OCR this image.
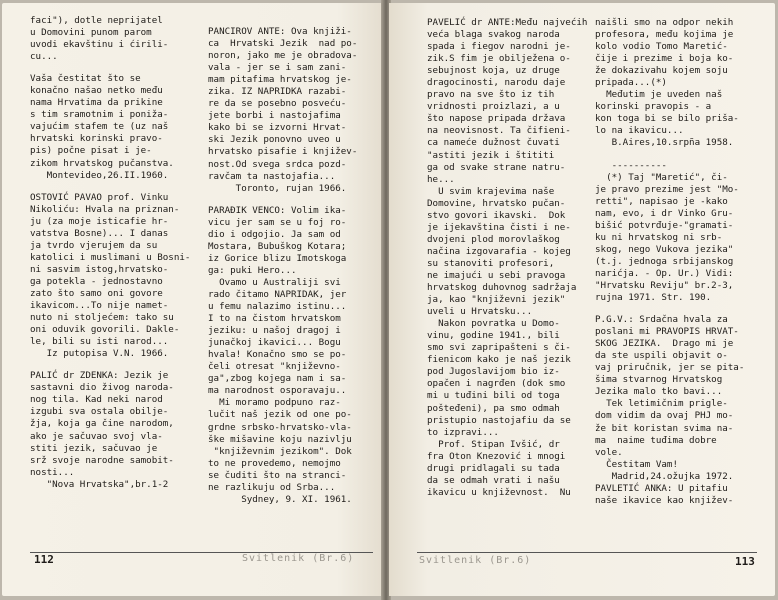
faci"), dotle neprijatel
u Domovini punom parom
uvodi ekavštinu i ćirili-
cu...
Vaša čestitat što se
konačno našao netko među
nama Hrvatima da prikine
s tim sramotnim i poniža-
vajućim stafem te (uz naš
hrvatski korinski pravo-
pis) počne pisat i je-
zikom hrvatskog pučanstva.
Montevideo,26.II.1960.
OSTOVIĆ PAVAO prof. Vinku
Nikoliću: Hvala na priznan-
ju (za moje isticafie hr-
vatstva Bosne)... I danas
ja tvrdo vjerujem da su
katolici i muslimani u Bosni-
ni sasvim istog,hrvatsko-
ga potekla - jednostavno
zato što samo oni govore
ikavicom...To nije namet-
nuto ni stoljećem: tako su
oni oduvik govorili. Dakle-
le, bili su isti narod...
Iz putopisa V.N. 1966.
PALIĆ dr ZDENKA: Jezik je
sastavni dio živog naroda-
nog tila. Kad neki narod
izgubi sva ostala obilje-
žja, koja ga čine narodom,
ako je sačuvao svoj vla-
stiti jezik, sačuvao je
srž svoje narodne samobit-
nosti...
"Nova Hrvatska",br.1-2
PANCIROV ANTE: Ova knjiži-
ca  Hrvatski Jezik  nad po-
noron, jako me je obradova-
vala - jer se i sam zani-
mam pitafima hrvatskog je-
zika. IZ NAPRIDKA razabi-
re da se posebno posveću-
jete borbi i nastojafima
kako bi se izvorni Hrvat-
ski Jezik ponovno uveo u
hrvatsko pisafie i književ-
nost.Od svega srdca pozd-
ravčam ta nastojafia...
Toronto, rujan 1966.
PARAĐIK VENCO: Volim ika-
vicu jer sam se u foj ro-
dio i odgojio. Ja sam od
Mostara, Bubuškog Kotara;
iz Gorice blizu Imotskoga
ga: puki Hero...
Ovamo u Australiji svi
rado čitamo NAPRIDAK, jer
u femu nalazimo istinu...
I to na čistom hrvatskom
jeziku: u našoj dragoj i
junačkoj ikavici... Bogu
hvala! Konačno smo se po-
čeli otresat "književno-
ga",zbog kojega nam i sa-
ma narodnost osporavaju..
Mi moramo podpuno raz-
lučit naš jezik od one po-
grdne srbsko-hrvatsko-vla-
ške mišavine koju nazivlju
"književnim jezikom". Dok
to ne provedemo, nemojmo
se čuditi što na stranci-
ne razlikuju od Srba...
Sydney, 9. XI. 1961.
112	Svitlenik (Br.6)
PAVELIĆ dr ANTE:Među najvećih
veća blaga svakog naroda
spada i fiegov narodni je-
zik.S fim je obilježena o-
sebujnost koja, uz druge
dragocinosti, narodu daje
pravo na sve što iz tih
vridnosti proizlazi, a u
što napose pripada država
na neovisnost. Ta čifieni-
ca nameće dužnost čuvati
"astiti jezik i štititi
ga od svake strane natru-
he...
U svim krajevima naše
Domovine, hrvatsko pučan-
stvo govori ikavski.  Dok
je ijekavština čisti i ne-
dvojeni plod morovlaškog
načina izgovarafia - kojeg
su stanoviti profesori,
ne imajući u sebi pravoga
hrvatskog duhovnog sadržaja
ja, kao "književni jezik"
uveli u Hrvatsku...
Nakon povratka u Domo-
vinu, godine 1941., bili
smo svi zapripašteni s či-
fienicom kako je naš jezik
pod Jugoslavijom bio iz-
opačen i nagrđen (dok smo
mi u tuđini bili od toga
pošteđeni), pa smo odmah
pristupio nastojafiu da se
to izpravi...
Prof. Stipan Ivšić, dr
fra Oton Knezović i mnogi
drugi pridlagali su tada
da se odmah vrati i našu
ikavicu u književnost.  Nu
naišli smo na odpor nekih
profesora, među kojima je
kolo vodio Tomo Maretić-
čije i prezime i boja ko-
že dokazivahu kojem soju
pripada...(*)
Međutim je uveden naš
korinski pravopis - a
kon toga bi se bilo priša-
lo na ikavicu...
B.Aires,10.srpña 1958.
----------
(*) Taj "Maretić", či-
je pravo prezime jest "Mo-
retti", napisao je -kako
nam, evo, i dr Vinko Gru-
bišić potvrđuje-"gramati-
ku ni hrvatskog ni srb-
skog, nego Vukova jezika"
(t.j. jednoga srbijanskog
narićja. - Op. Ur.) Vidi:
"Hrvatsku Reviju" br.2-3,
rujna 1971. Str. 190.
P.G.V.: Srdačna hvala za
poslani mi PRAVOPIS HRVAT-
SKOG JEZIKA.  Drago mi je
da ste uspili objavit o-
vaj priručnik, jer se pita-
šima stvarnog Hrvatskog
Jezika malo tko bavi...
Tek letimičnim priglе-
dom vidim da ovaj PHJ mo-
že bit koristan svima na-
ma  naime tuđima dobre
vole.
Čestitam Vam!
Madrid,24.ožujka 1972.
PAVLETIĆ ANKA: U pitafiu
naše ikavice kao književ-
Svitlenik (Br.6)	113
